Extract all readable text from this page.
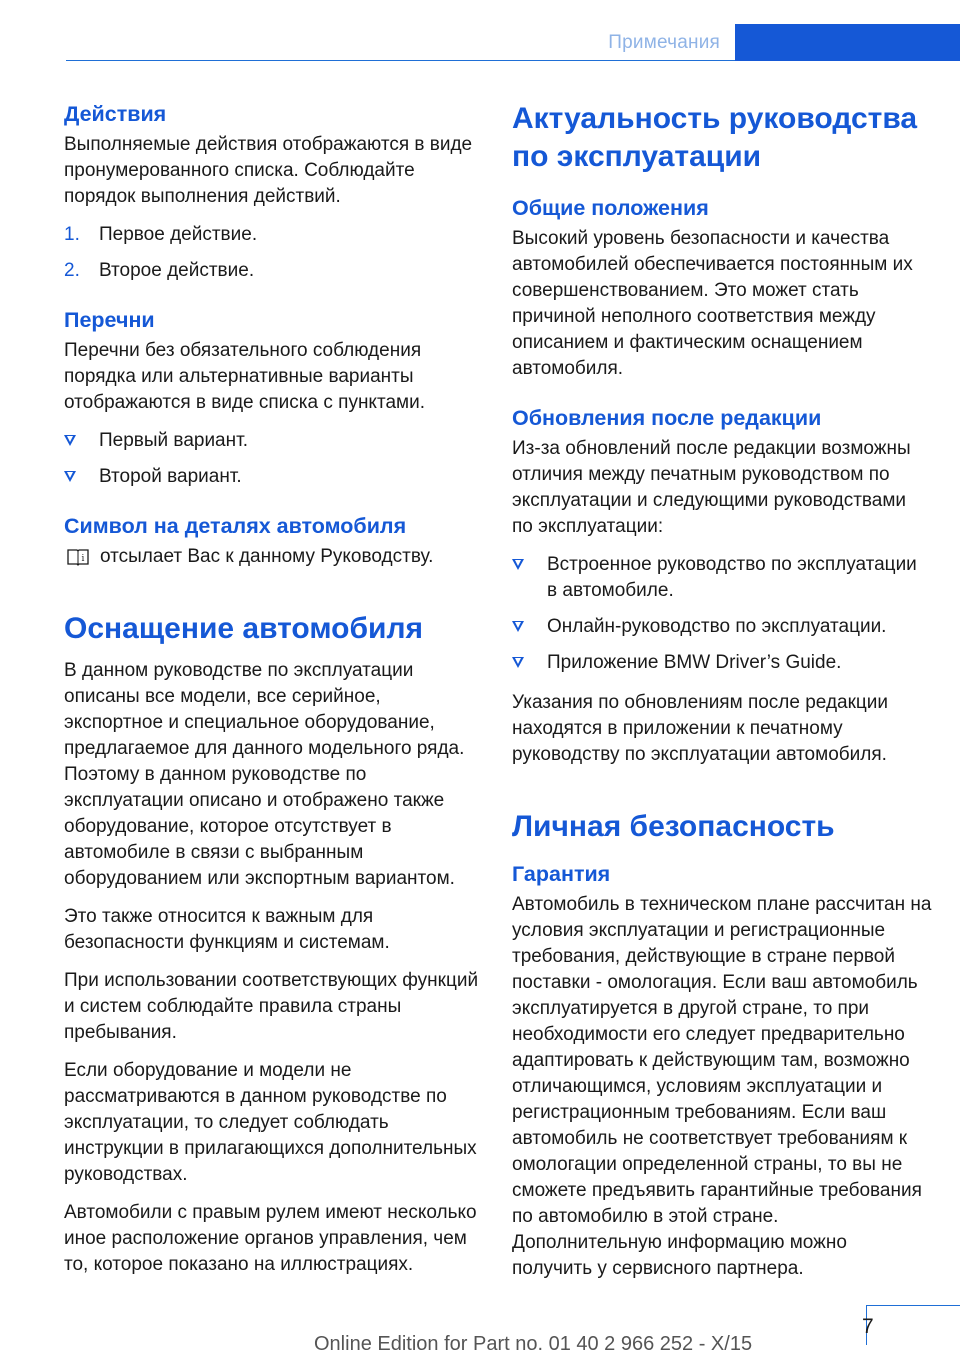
Примечания
Действия

Выполняемые действия отображаются в виде пронумерованного списка. Соблюдайте порядок выполнения действий.

1. Первое действие.
2. Второе действие.
Перечни

Перечни без обязательного соблюдения порядка или альтернативные варианты отображаются в виде списка с пунктами.

Первый вариант.
Второй вариант.
Символ на деталях автомобиля
i отсылает Вас к данному Руководству.
Оснащение автомобиля

В данном руководстве по эксплуатации описаны все модели, все серийное, экспортное и специальное оборудование, предлагаемое для данного модельного ряда. Поэтому в данном руководстве по эксплуатации описано и отображено также оборудование, которое отсутствует в автомобиле в связи с выбранным оборудованием или экспортным вариантом.

Это также относится к важным для безопасности функциям и системам.

При использовании соответствующих функций и систем соблюдайте правила страны пребывания.

Если оборудование и модели не рассматриваются в данном руководстве по эксплуатации, то следует соблюдать инструкции в прилагающихся дополнительных руководствах.

Автомобили с правым рулем имеют несколько иное расположение органов управления, чем то, которое показано на иллюстрациях.

Актуальность руководства по эксплуатации
Общие положения

Высокий уровень безопасности и качества автомобилей обеспечивается постоянным их совершенствованием. Это может стать причиной неполного соответствия между описанием и фактическим оснащением автомобиля.

Обновления после редакции

Из-за обновлений после редакции возможны отличия между печатным руководством по эксплуатации и следующими руководствами по эксплуатации:

Встроенное руководство по эксплуатации в автомобиле.
Онлайн-руководство по эксплуатации.
Приложение BMW Driver’s Guide.

Указания по обновлениям после редакции находятся в приложении к печатному руководству по эксплуатации автомобиля.

Личная безопасность
Гарантия

Автомобиль в техническом плане рассчитан на условия эксплуатации и регистрационные требования, действующие в стране первой поставки - омологация. Если ваш автомобиль эксплуатируется в другой стране, то при необходимости его следует предварительно адаптировать к действующим там, возможно отличающимся, условиям эксплуатации и регистрационным требованиям. Если ваш автомобиль не соответствует требованиям к омологации определенной страны, то вы не сможете предъявить гарантийные требования по автомобилю в этой стране. Дополнительную информацию можно получить у сервисного партнера.

7
Online Edition for Part no. 01 40 2 966 252 - X/15
